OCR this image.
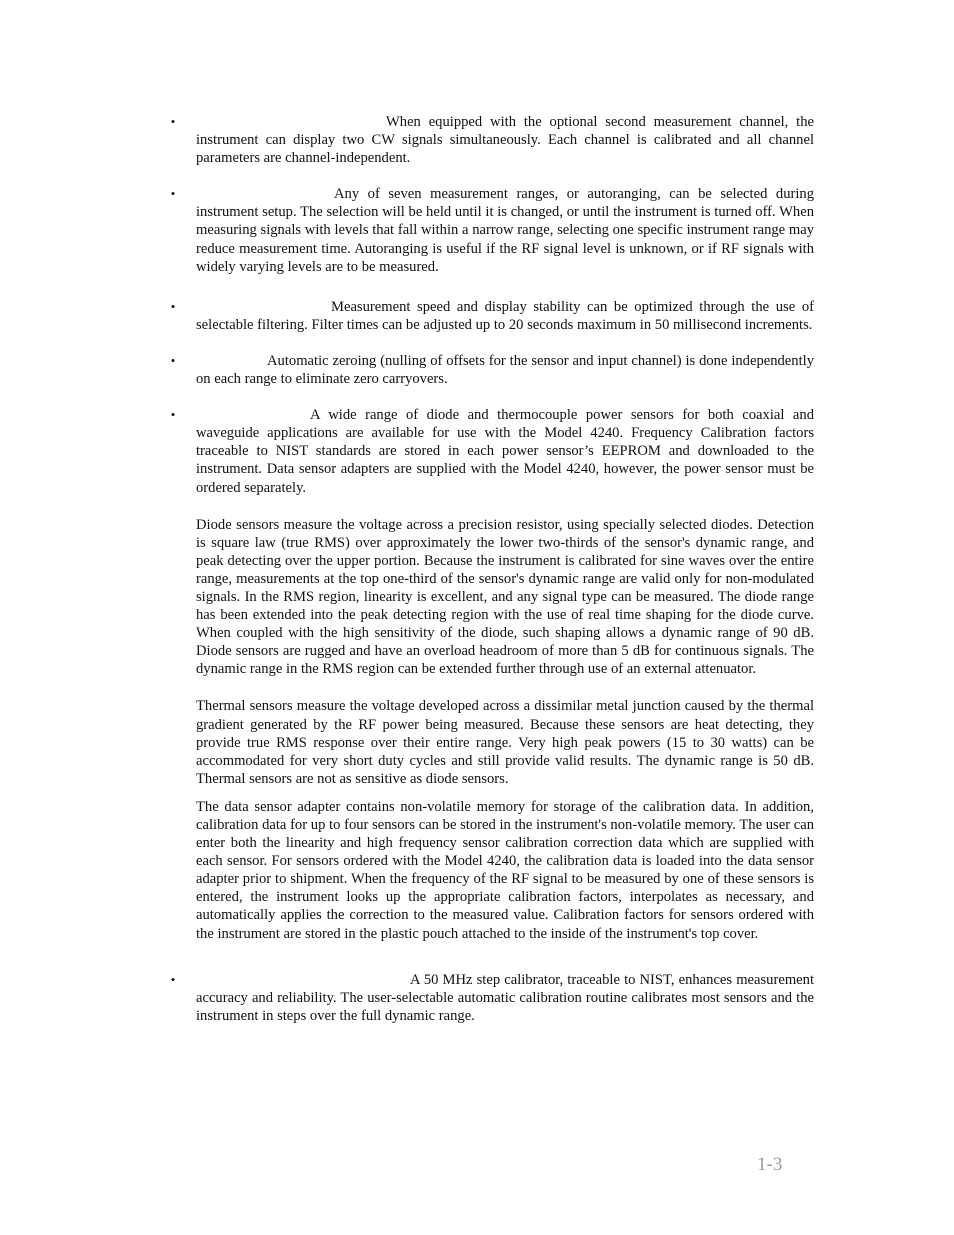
•	When equipped with the optional second measurement channel, the instrument can display two CW signals simultaneously. Each channel is calibrated and all channel parameters are channel-independent.

•	Any of seven measurement ranges, or autoranging, can be selected during instrument setup. The selection will be held until it is changed, or until the instrument is turned off. When measuring signals with levels that fall within a narrow range, selecting one specific instrument range may reduce measurement time. Autoranging is useful if the RF signal level is unknown, or if RF signals with widely varying levels are to be measured.

•	Measurement speed and display stability can be optimized through the use of selectable filtering. Filter times can be adjusted up to 20 seconds maximum in 50 millisecond increments.

•	Automatic zeroing (nulling of offsets for the sensor and input channel) is done independently on each range to eliminate zero carryovers.

•	A wide range of diode and thermocouple power sensors for both coaxial and waveguide applications are available for use with the Model 4240. Frequency Calibration factors traceable to NIST standards are stored in each power sensor’s EEPROM and downloaded to the instrument. Data sensor adapters are supplied with the Model 4240, however, the power sensor must be ordered separately.

Diode sensors measure the voltage across a precision resistor, using specially selected diodes. Detection is square law (true RMS) over approximately the lower two-thirds of the sensor's dynamic range, and peak detecting over the upper portion. Because the instrument is calibrated for sine waves over the entire range, measurements at the top one-third of the sensor's dynamic range are valid only for non-modulated signals. In the RMS region, linearity is excellent, and any signal type can be measured. The diode range has been extended into the peak detecting region with the use of real time shaping for the diode curve. When coupled with the high sensitivity of the diode, such shaping allows a dynamic range of 90 dB. Diode sensors are rugged and have an overload headroom of more than 5 dB for continuous signals. The dynamic range in the RMS region can be extended further through use of an external attenuator.

Thermal sensors measure the voltage developed across a dissimilar metal junction caused by the thermal gradient generated by the RF power being measured. Because these sensors are heat detecting, they provide true RMS response over their entire range. Very high peak powers (15 to 30 watts) can be accommodated for very short duty cycles and still provide valid results. The dynamic range is 50 dB. Thermal sensors are not as sensitive as diode sensors.

The data sensor adapter contains non-volatile memory for storage of the calibration data. In addition, calibration data for up to four sensors can be stored in the instrument's non-volatile memory. The user can enter both the linearity and high frequency sensor calibration correction data which are supplied with each sensor. For sensors ordered with the Model 4240, the calibration data is loaded into the data sensor adapter prior to shipment. When the frequency of the RF signal to be measured by one of these sensors is entered, the instrument looks up the appropriate calibration factors, interpolates as necessary, and automatically applies the correction to the measured value. Calibration factors for sensors ordered with the instrument are stored in the plastic pouch attached to the inside of the instrument's top cover.

•	A 50 MHz step calibrator, traceable to NIST, enhances measurement accuracy and reliability. The user-selectable automatic calibration routine calibrates most sensors and the instrument in steps over the full dynamic range.

1-3
